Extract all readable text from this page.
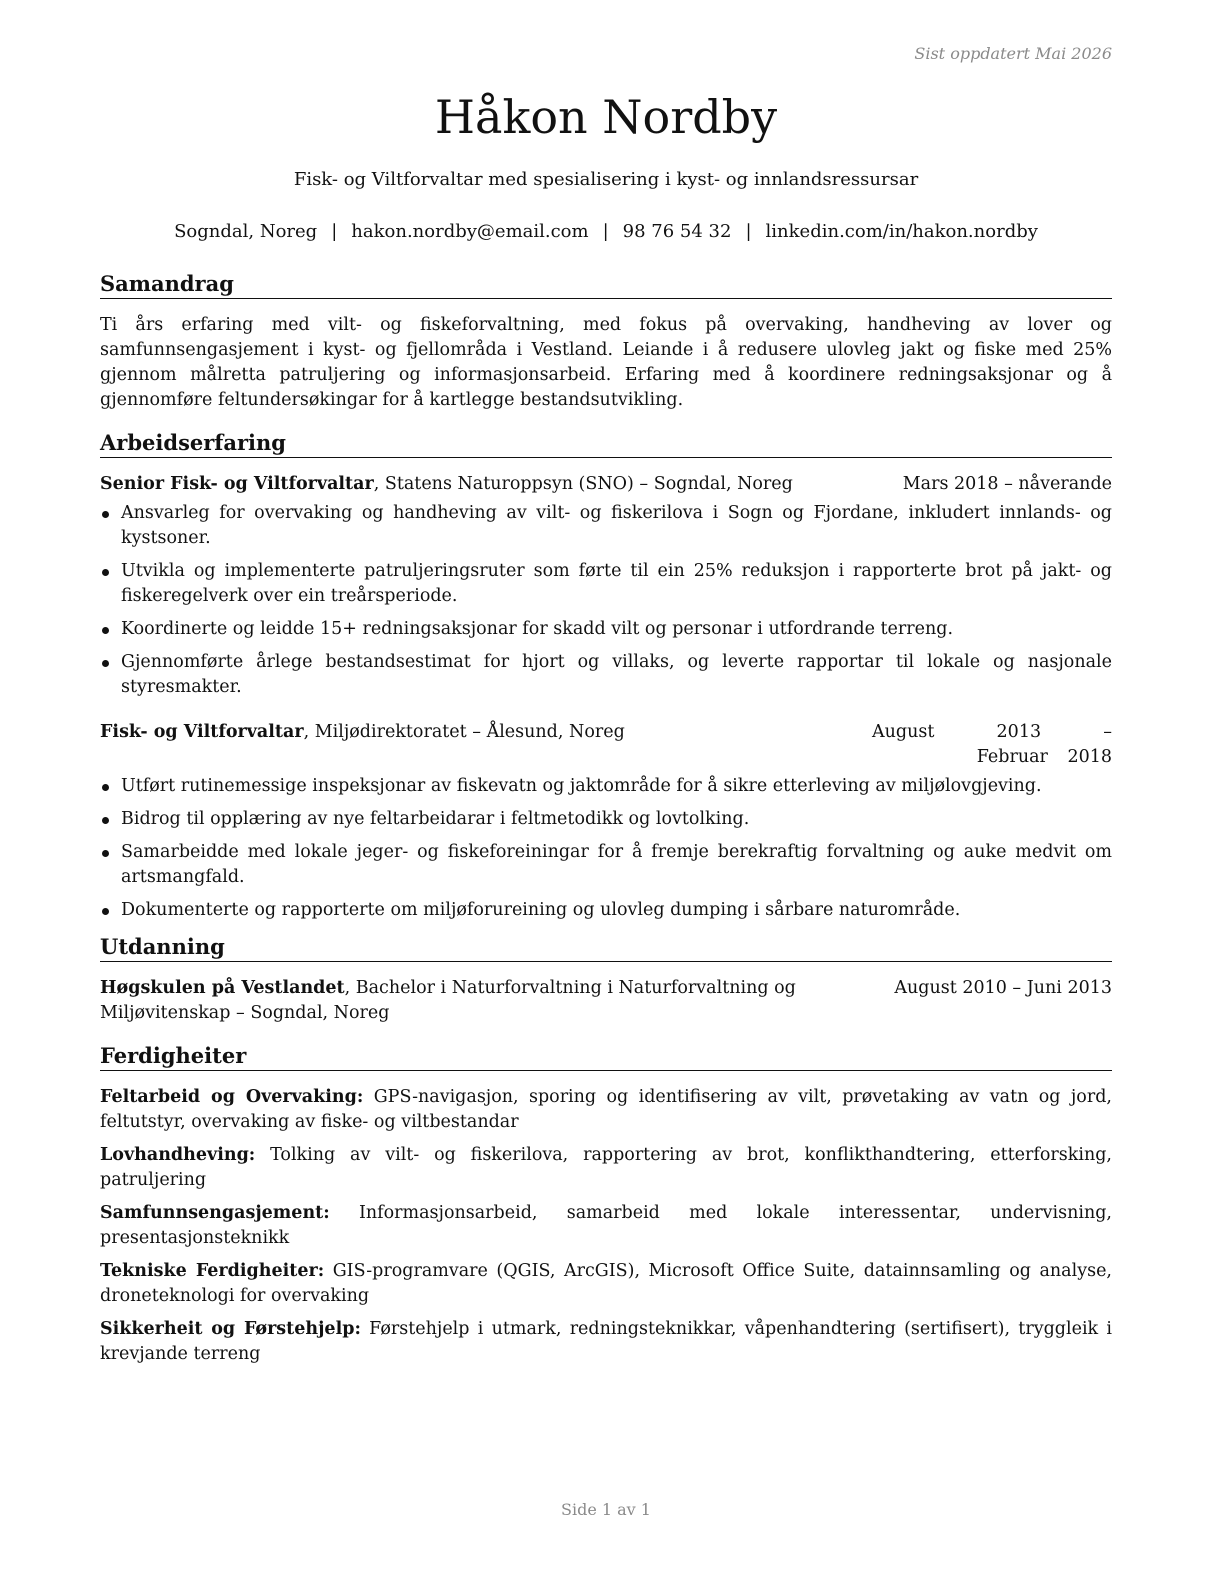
Sist oppdatert Mai 2026
Håkon Nordby
Fisk- og Viltforvaltar med spesialisering i kyst- og innlandsressursar
Sogndal, Noreg | hakon.nordby@email.com | 98 76 54 32 | linkedin.com/in/hakon.nordby
Samandrag

Ti års erfaring med vilt- og fiskeforvaltning, med fokus på overvaking, handheving av lover og samfunnsengasjement i kyst- og fjellområda i Vestland. Leiande i å redusere ulovleg jakt og fiske med 25% gjennom målretta patruljering og informasjonsarbeid. Erfaring med å koordinere redningsaksjonar og å gjennomføre feltundersøkingar for å kartlegge bestandsutvikling.

Arbeidserfaring
Senior Fisk- og Viltforvaltar, Statens Naturoppsyn (SNO) – Sogndal, Noreg	Mars 2018 – nåverande
Ansvarleg for overvaking og handheving av vilt- og fiskerilova i Sogn og Fjordane, inkludert innlands- og kystsoner.
Utvikla og implementerte patruljeringsruter som førte til ein 25% reduksjon i rapporterte brot på jakt- og fiskeregelverk over ein treårsperiode.
Koordinerte og leidde 15+ redningsaksjonar for skadd vilt og personar i utfordrande terreng.
Gjennomførte årlege bestandsestimat for hjort og villaks, og leverte rapportar til lokale og nasjonale styresmakter.
Fisk- og Viltforvaltar, Miljødirektoratet – Ålesund, Noreg	August 2013 – Februar 2018
Utført rutinemessige inspeksjonar av fiskevatn og jaktområde for å sikre etterleving av miljølovgjeving.
Bidrog til opplæring av nye feltarbeidarar i feltmetodikk og lovtolking.
Samarbeidde med lokale jeger- og fiskeforeiningar for å fremje berekraftig forvaltning og auke medvit om artsmangfald.
Dokumenterte og rapporterte om miljøforureining og ulovleg dumping i sårbare naturområde.
Utdanning
Høgskulen på Vestlandet, Bachelor i Naturforvaltning i Naturforvaltning og Miljøvitenskap – Sogndal, Noreg
August 2010 – Juni 2013
Ferdigheiter

Feltarbeid og Overvaking: GPS-navigasjon, sporing og identifisering av vilt, prøvetaking av vatn og jord, feltutstyr, overvaking av fiske- og viltbestandar

Lovhandheving: Tolking av vilt- og fiskerilova, rapportering av brot, konflikthandtering, etterforsking, patruljering

Samfunnsengasjement: Informasjonsarbeid, samarbeid med lokale interessentar, undervisning, presentasjonsteknikk

Tekniske Ferdigheiter: GIS-programvare (QGIS, ArcGIS), Microsoft Office Suite, datainnsamling og analyse, droneteknologi for overvaking

Sikkerheit og Førstehjelp: Førstehjelp i utmark, redningsteknikkar, våpenhandtering (sertifisert), tryggleik i krevjande terreng

Side 1 av 1
